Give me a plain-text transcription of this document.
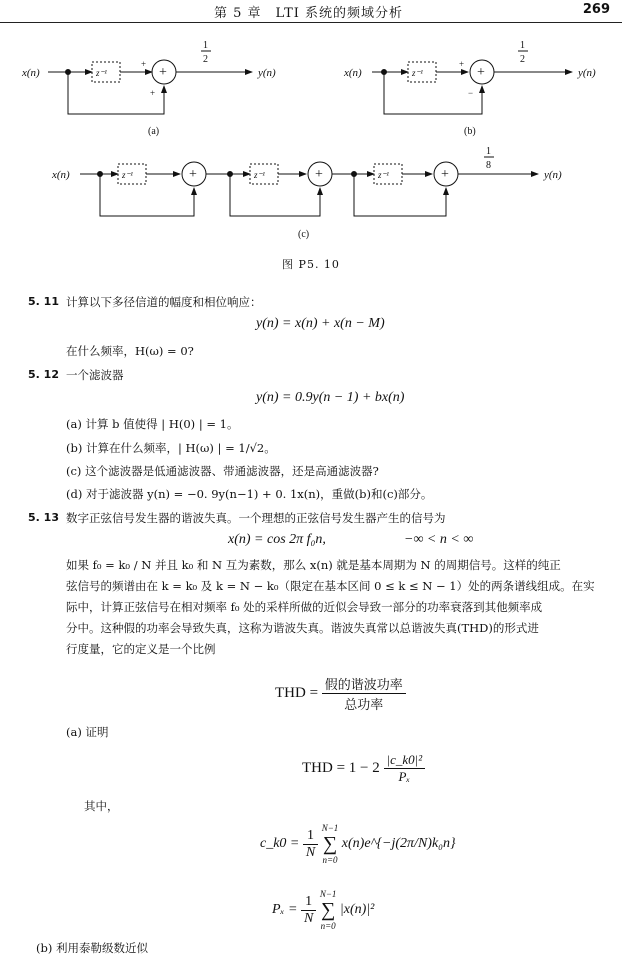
第 5 章　LTI 系统的频域分析	269
x(n)	z⁻¹	+
+
+
1
2
y(n)
(a)
x(n)	z⁻¹	+
+
−
1
2
y(n)
(b)
x(n)	z⁻¹	+	z⁻¹	+	z⁻¹	+
1
8
y(n)
(c)
图 P5. 10
5. 11 计算以下多径信道的幅度和相位响应：
y(n) = x(n) + x(n − M)
在什么频率，H(ω) = 0?
5. 12 一个滤波器
y(n) = 0.9y(n − 1) + bx(n)
(a) 计算 b 值使得 | H(0) | = 1。
(b) 计算在什么频率，| H(ω) | = 1/√2。
(c) 这个滤波器是低通滤波器、带通滤波器，还是高通滤波器?
(d) 对于滤波器 y(n) = −0. 9y(n−1) + 0. 1x(n)，重做(b)和(c)部分。
5. 13 数字正弦信号发生器的谐波失真。一个理想的正弦信号发生器产生的信号为
x(n) = cos 2π f₀n,	−∞ < n < ∞
如果 f₀ = k₀ / N 并且 k₀ 和 N 互为素数，那么 x(n) 就是基本周期为 N 的周期信号。这样的纯正
弦信号的频谱由在 k = k₀ 及 k = N − k₀（限定在基本区间 0 ≤ k ≤ N − 1）处的两条谱线组成。在实
际中，计算正弦信号在相对频率 f₀ 处的采样所做的近似会导致一部分的功率衰落到其他频率成
分中。这种假的功率会导致失真，这称为谐波失真。谐波失真常以总谐波失真(THD)的形式进
行度量，它的定义是一个比例
THD = $\frac{\text{假的谐波功率}}{\text{总功率}}$
(a) 证明
THD = $1 - 2 \frac{\text{|c\_k0|²}}{\text{Pₓ}}$
其中，
c_k0 = $\frac{1}{N}$
N−1
∑
n=0
x(n)e^{−j(2π/N)k₀n}
$P_x = \frac{1}{N}$
N−1
∑
n=0
|x(n)|²
(b) 利用泰勒级数近似
